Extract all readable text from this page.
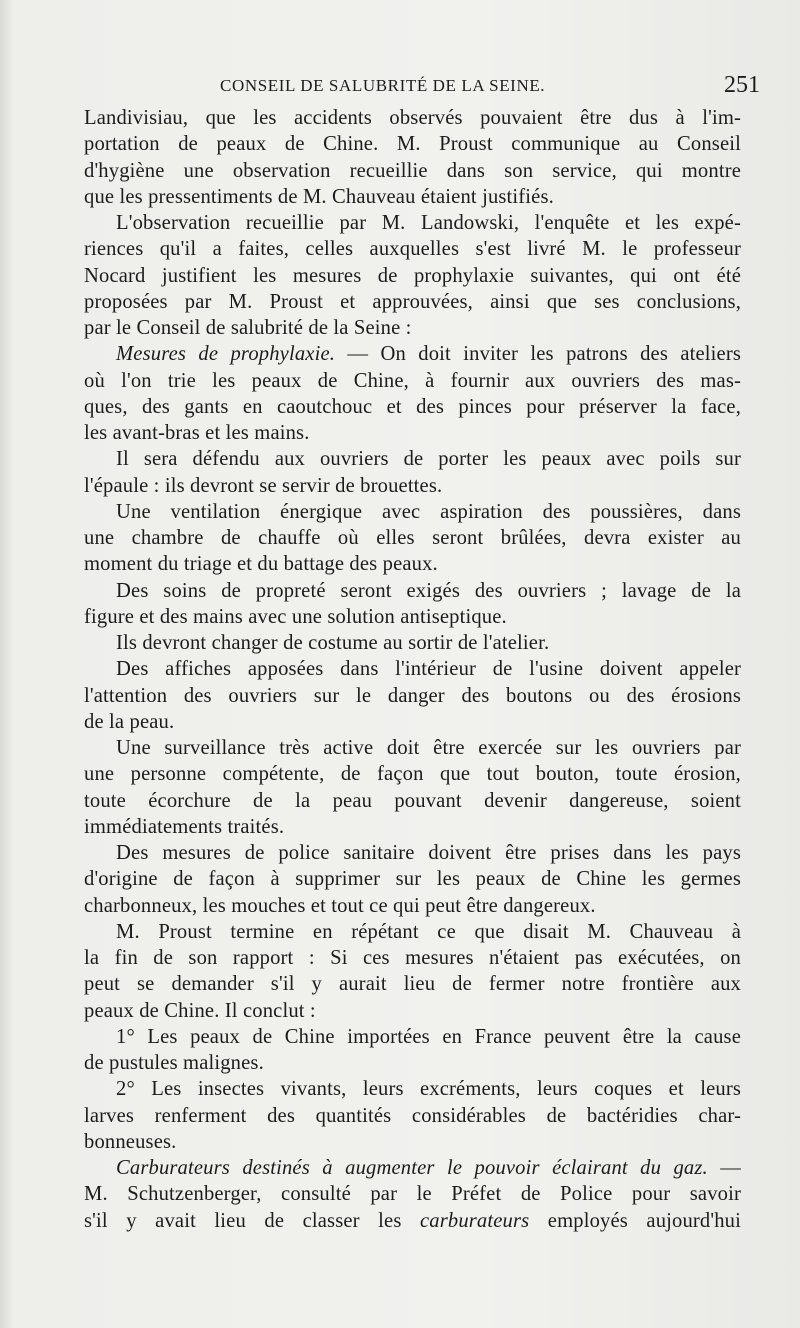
CONSEIL DE SALUBRITÉ DE LA SEINE.	251
Landivisiau, que les accidents observés pouvaient être dus à l'im-
portation de peaux de Chine. M. Proust communique au Conseil
d'hygiène une observation recueillie dans son service, qui montre
que les pressentiments de M. Chauveau étaient justifiés.
L'observation recueillie par M. Landowski, l'enquête et les expé-
riences qu'il a faites, celles auxquelles s'est livré M. le professeur
Nocard justifient les mesures de prophylaxie suivantes, qui ont été
proposées par M. Proust et approuvées, ainsi que ses conclusions,
par le Conseil de salubrité de la Seine :
Mesures de prophylaxie. — On doit inviter les patrons des ateliers
où l'on trie les peaux de Chine, à fournir aux ouvriers des mas-
ques, des gants en caoutchouc et des pinces pour préserver la face,
les avant-bras et les mains.
Il sera défendu aux ouvriers de porter les peaux avec poils sur
l'épaule : ils devront se servir de brouettes.
Une ventilation énergique avec aspiration des poussières, dans
une chambre de chauffe où elles seront brûlées, devra exister au
moment du triage et du battage des peaux.
Des soins de propreté seront exigés des ouvriers ; lavage de la
figure et des mains avec une solution antiseptique.
Ils devront changer de costume au sortir de l'atelier.
Des affiches apposées dans l'intérieur de l'usine doivent appeler
l'attention des ouvriers sur le danger des boutons ou des érosions
de la peau.
Une surveillance très active doit être exercée sur les ouvriers par
une personne compétente, de façon que tout bouton, toute érosion,
toute écorchure de la peau pouvant devenir dangereuse, soient
immédiatements traités.
Des mesures de police sanitaire doivent être prises dans les pays
d'origine de façon à supprimer sur les peaux de Chine les germes
charbonneux, les mouches et tout ce qui peut être dangereux.
M. Proust termine en répétant ce que disait M. Chauveau à
la fin de son rapport : Si ces mesures n'étaient pas exécutées, on
peut se demander s'il y aurait lieu de fermer notre frontière aux
peaux de Chine. Il conclut :
1° Les peaux de Chine importées en France peuvent être la cause
de pustules malignes.
2° Les insectes vivants, leurs excréments, leurs coques et leurs
larves renferment des quantités considérables de bactéridies char-
bonneuses.
Carburateurs destinés à augmenter le pouvoir éclairant du gaz. —
M. Schutzenberger, consulté par le Préfet de Police pour savoir
s'il y avait lieu de classer les carburateurs employés aujourd'hui
